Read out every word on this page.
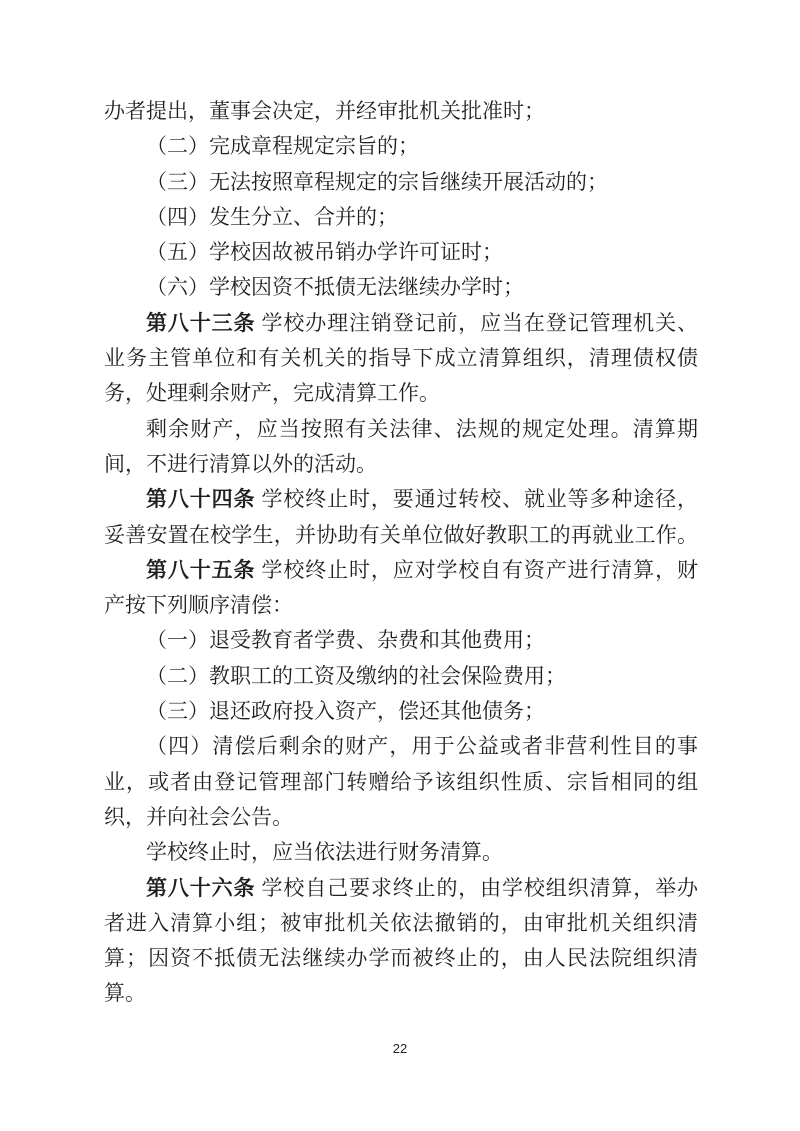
办者提出，董事会决定，并经审批机关批准时；
（二）完成章程规定宗旨的；
（三）无法按照章程规定的宗旨继续开展活动的；
（四）发生分立、合并的；
（五）学校因故被吊销办学许可证时；
（六）学校因资不抵债无法继续办学时；
第八十三条 学校办理注销登记前，应当在登记管理机关、
业务主管单位和有关机关的指导下成立清算组织，清理债权债
务，处理剩余财产，完成清算工作。
剩余财产，应当按照有关法律、法规的规定处理。清算期
间，不进行清算以外的活动。
第八十四条 学校终止时，要通过转校、就业等多种途径，
妥善安置在校学生，并协助有关单位做好教职工的再就业工作。
第八十五条 学校终止时，应对学校自有资产进行清算，财
产按下列顺序清偿：
（一）退受教育者学费、杂费和其他费用；
（二）教职工的工资及缴纳的社会保险费用；
（三）退还政府投入资产，偿还其他债务；
（四）清偿后剩余的财产，用于公益或者非营利性目的事
业，或者由登记管理部门转赠给予该组织性质、宗旨相同的组
织，并向社会公告。
学校终止时，应当依法进行财务清算。
第八十六条 学校自己要求终止的，由学校组织清算，举办
者进入清算小组；被审批机关依法撤销的，由审批机关组织清
算；因资不抵债无法继续办学而被终止的，由人民法院组织清
算。
22
